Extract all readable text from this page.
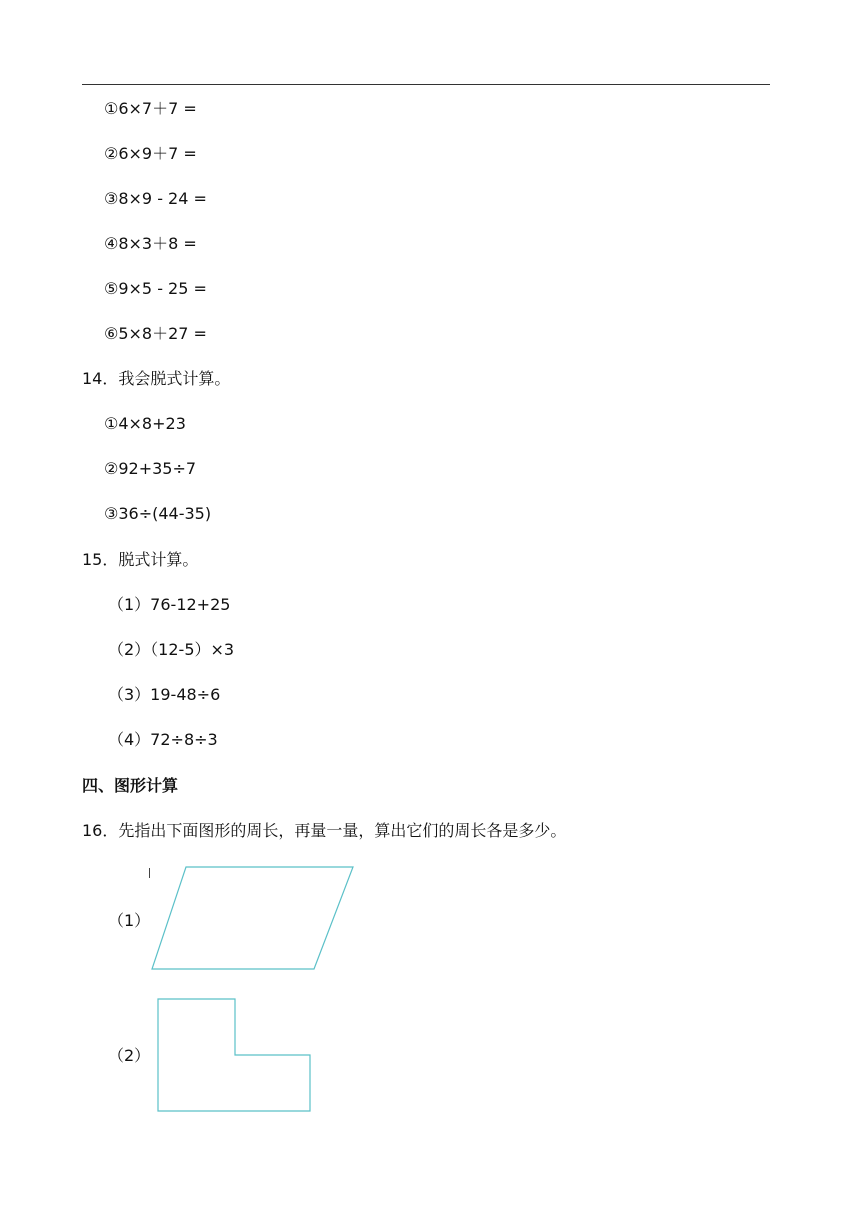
①6×7＋7 =
②6×9＋7 =
③8×9 - 24 =
④8×3＋8 =
⑤9×5 - 25 =
⑥5×8＋27 =
14．我会脱式计算。
①4×8+23
②92+35÷7
③36÷(44-35)
15．脱式计算。
（1）76-12+25
（2）（12-5）×3
（3）19-48÷6
（4）72÷8÷3
四、图形计算
16．先指出下面图形的周长，再量一量，算出它们的周长各是多少。
（1）
（2）
